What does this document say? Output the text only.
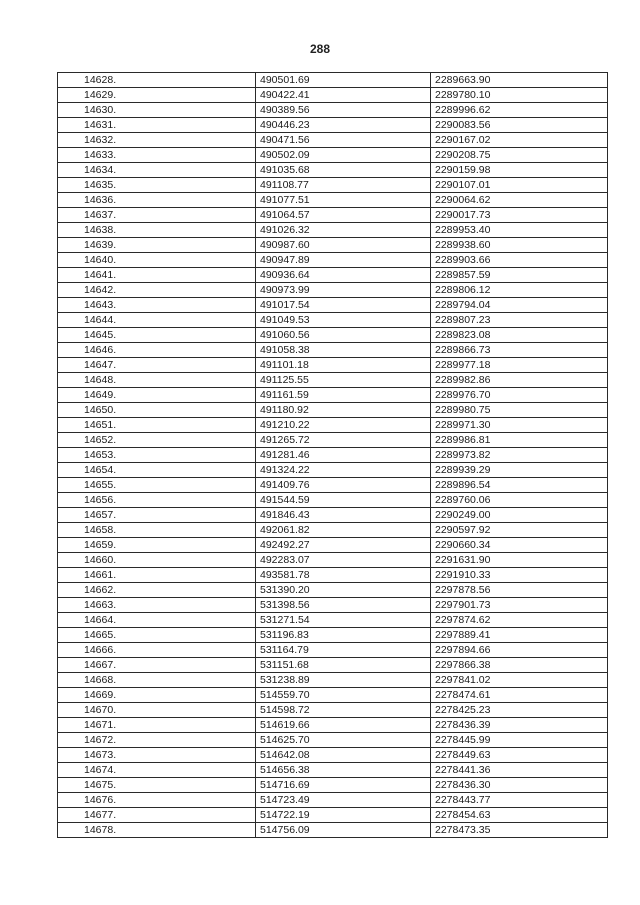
288
14628.	490501.69	2289663.90
14629.	490422.41	2289780.10
14630.	490389.56	2289996.62
14631.	490446.23	2290083.56
14632.	490471.56	2290167.02
14633.	490502.09	2290208.75
14634.	491035.68	2290159.98
14635.	491108.77	2290107.01
14636.	491077.51	2290064.62
14637.	491064.57	2290017.73
14638.	491026.32	2289953.40
14639.	490987.60	2289938.60
14640.	490947.89	2289903.66
14641.	490936.64	2289857.59
14642.	490973.99	2289806.12
14643.	491017.54	2289794.04
14644.	491049.53	2289807.23
14645.	491060.56	2289823.08
14646.	491058.38	2289866.73
14647.	491101.18	2289977.18
14648.	491125.55	2289982.86
14649.	491161.59	2289976.70
14650.	491180.92	2289980.75
14651.	491210.22	2289971.30
14652.	491265.72	2289986.81
14653.	491281.46	2289973.82
14654.	491324.22	2289939.29
14655.	491409.76	2289896.54
14656.	491544.59	2289760.06
14657.	491846.43	2290249.00
14658.	492061.82	2290597.92
14659.	492492.27	2290660.34
14660.	492283.07	2291631.90
14661.	493581.78	2291910.33
14662.	531390.20	2297878.56
14663.	531398.56	2297901.73
14664.	531271.54	2297874.62
14665.	531196.83	2297889.41
14666.	531164.79	2297894.66
14667.	531151.68	2297866.38
14668.	531238.89	2297841.02
14669.	514559.70	2278474.61
14670.	514598.72	2278425.23
14671.	514619.66	2278436.39
14672.	514625.70	2278445.99
14673.	514642.08	2278449.63
14674.	514656.38	2278441.36
14675.	514716.69	2278436.30
14676.	514723.49	2278443.77
14677.	514722.19	2278454.63
14678.	514756.09	2278473.35
